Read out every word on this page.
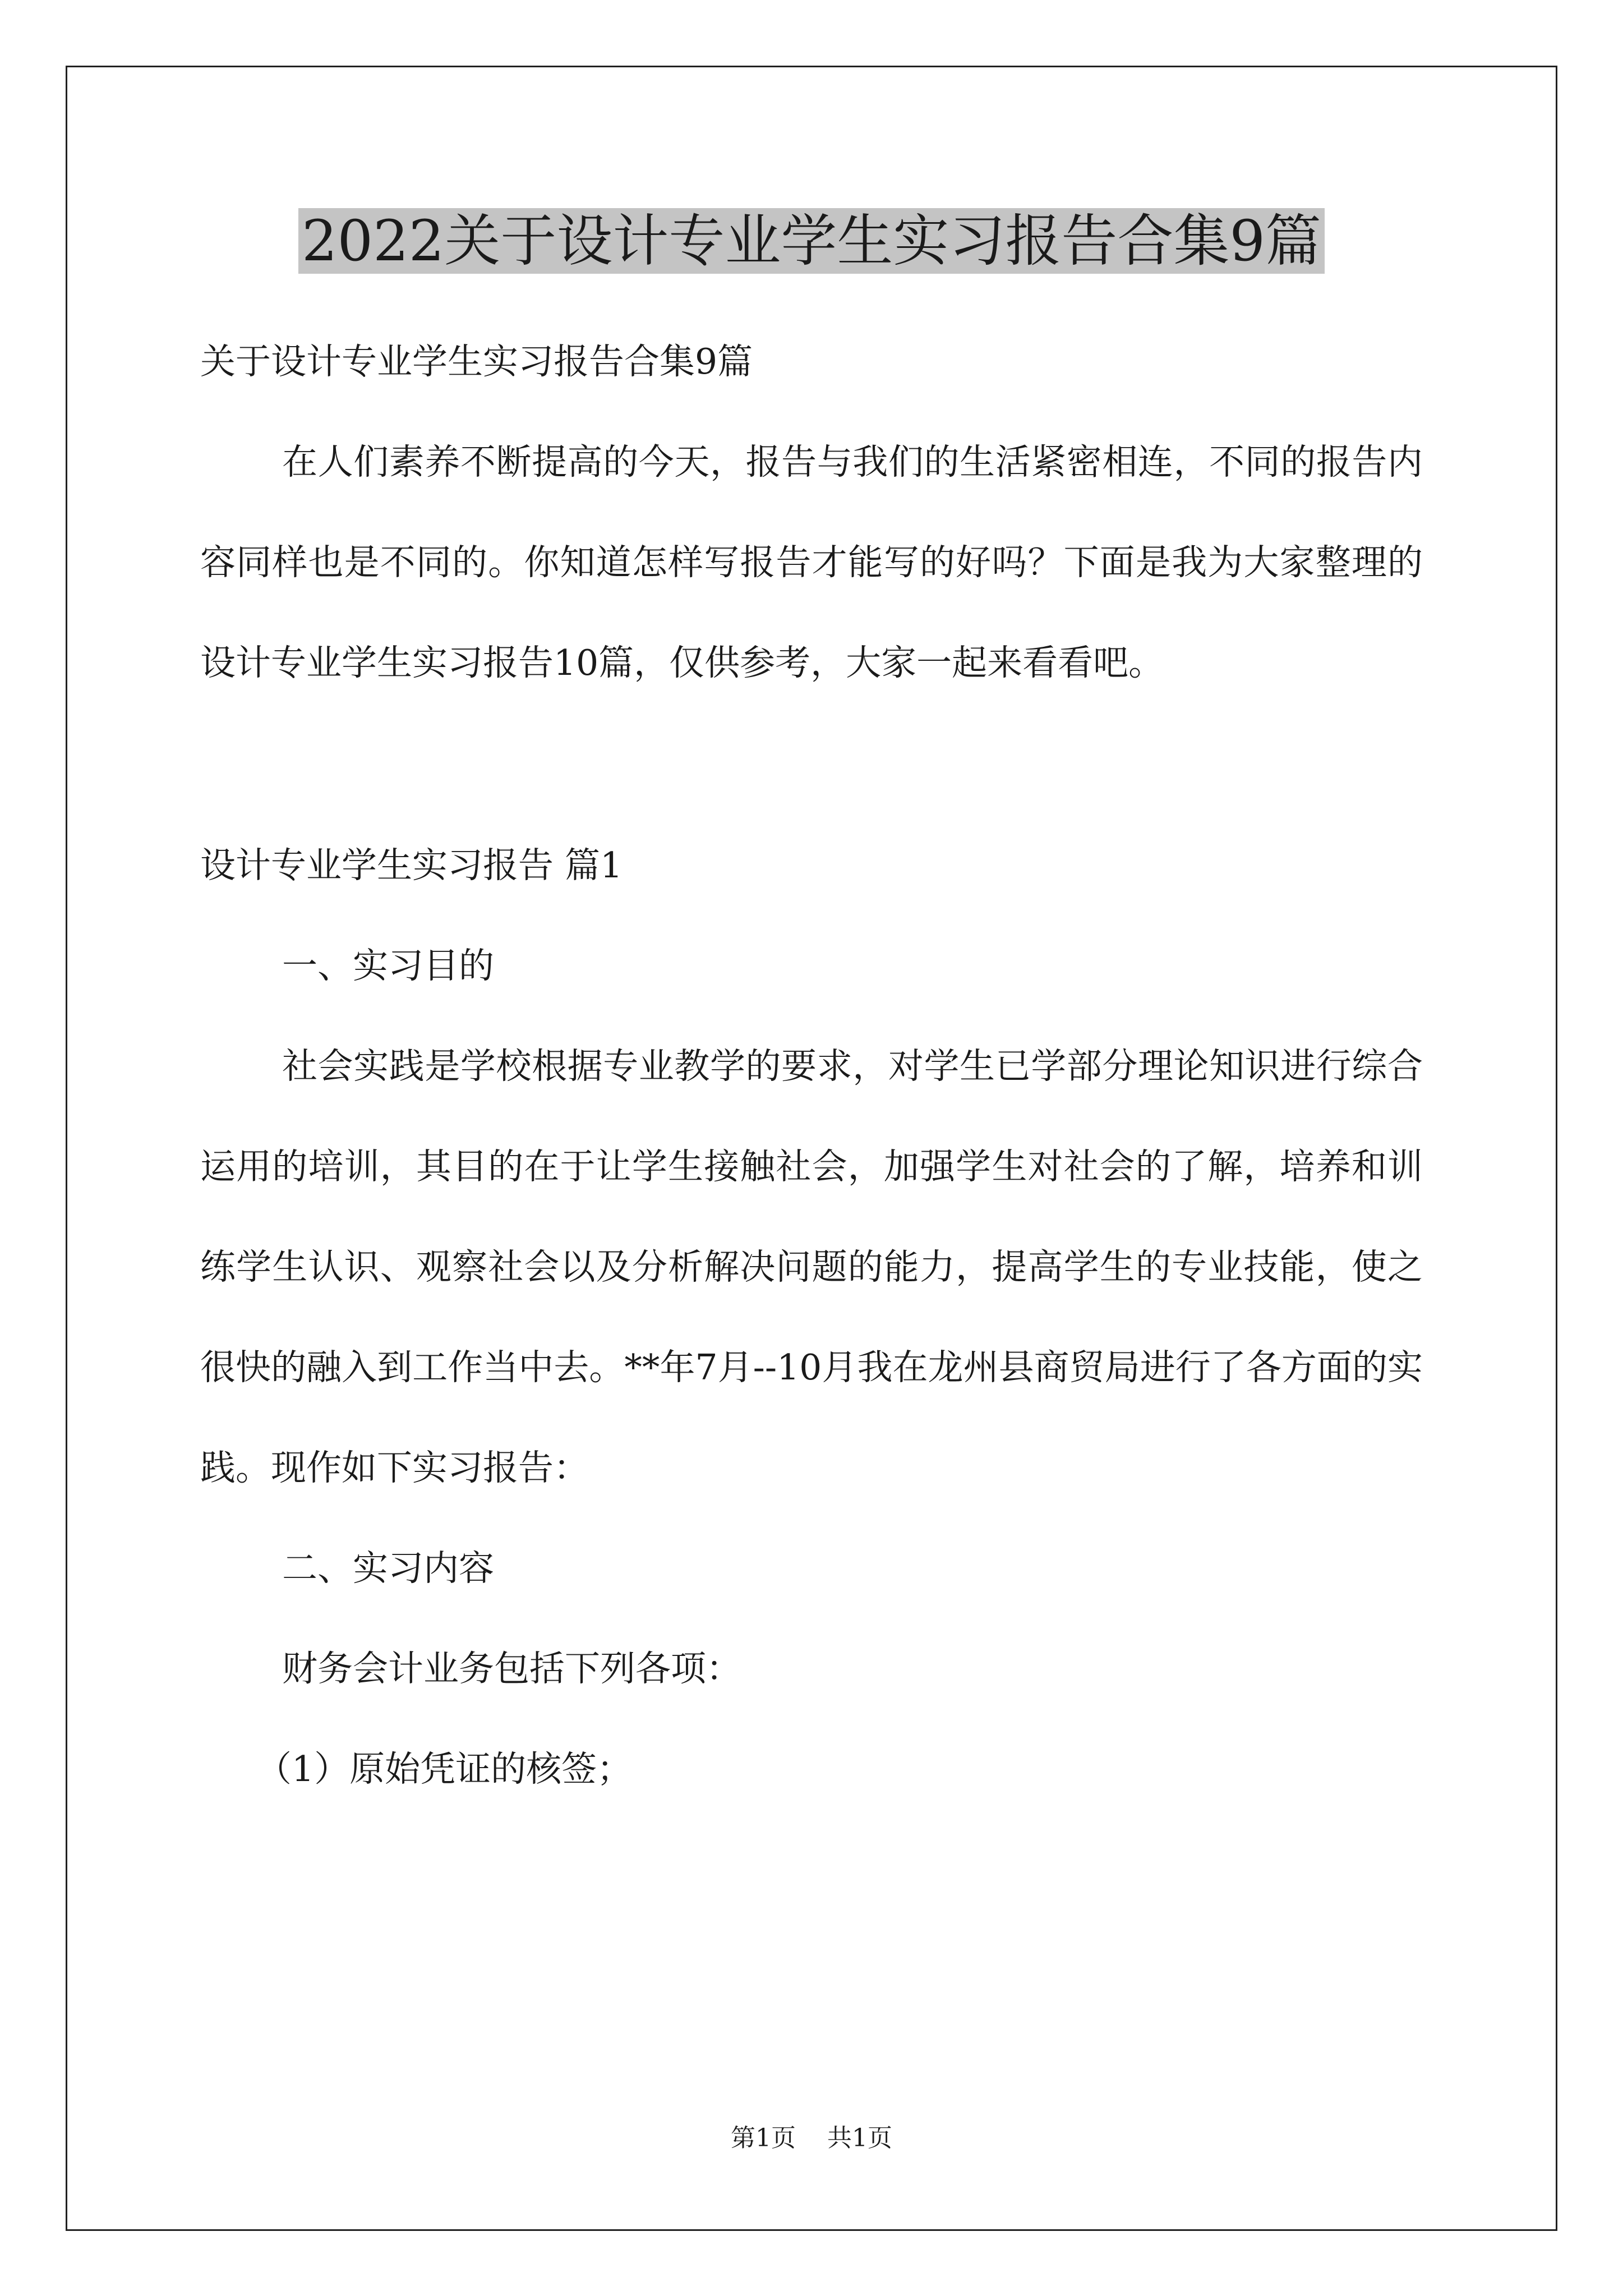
2022关于设计专业学生实习报告合集9篇

关于设计专业学生实习报告合集9篇

在人们素养不断提高的今天，报告与我们的生活紧密相连，不同的报告内容同样也是不同的。你知道怎样写报告才能写的好吗？下面是我为大家整理的设计专业学生实习报告10篇，仅供参考，大家一起来看看吧。

设计专业学生实习报告 篇1

一、实习目的

社会实践是学校根据专业教学的要求，对学生已学部分理论知识进行综合运用的培训，其目的在于让学生接触社会，加强学生对社会的了解，培养和训练学生认识、观察社会以及分析解决问题的能力，提高学生的专业技能，使之很快的融入到工作当中去。**年7月--10月我在龙州县商贸局进行了各方面的实践。现作如下实习报告：

二、实习内容

财务会计业务包括下列各项：

（1）原始凭证的核签；

第1页 共1页
